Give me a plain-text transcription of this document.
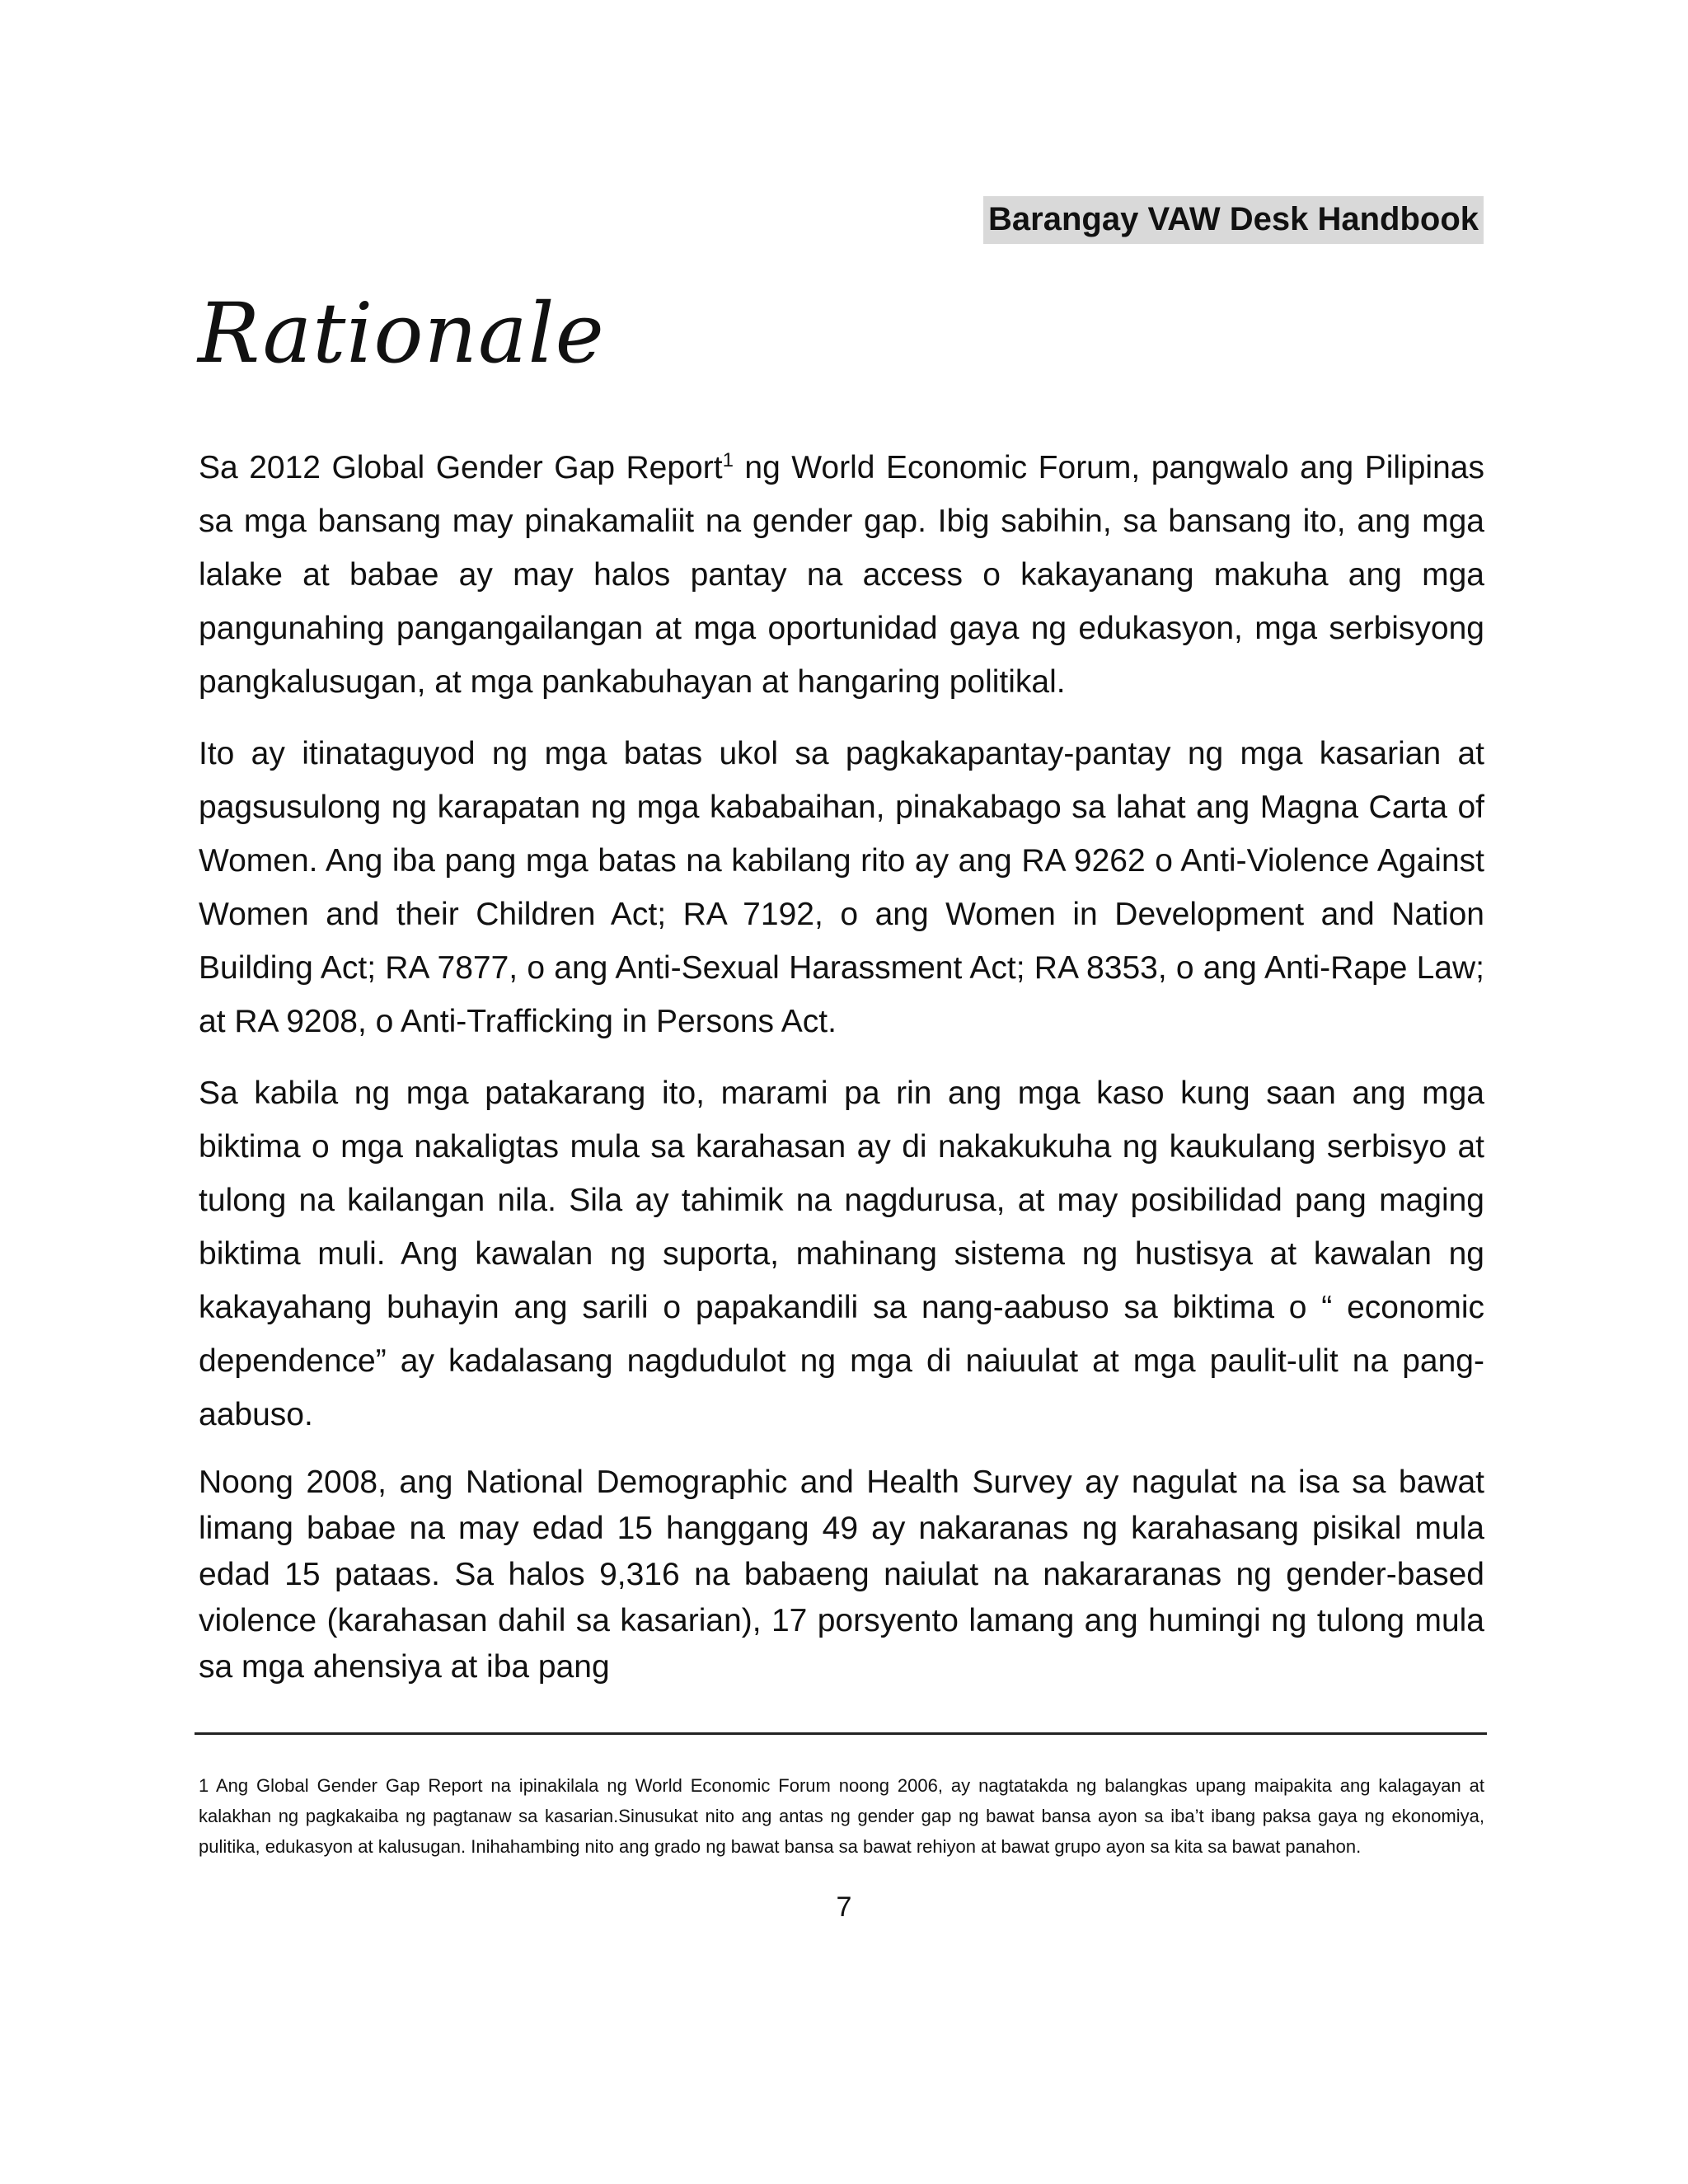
Barangay VAW Desk Handbook
Rationale

Sa 2012 Global Gender Gap Report$^1$ ng World Economic Forum, pangwalo ang Pilipinas sa mga bansang may pinakamaliit na gender gap. Ibig sabihin, sa bansang ito, ang mga lalake at babae ay may halos pantay na access o kakayanang makuha ang mga pangunahing pangangailangan at mga oportunidad gaya ng edukasyon, mga serbisyong pangkalusugan, at mga pankabuhayan at hangaring politikal.

Ito ay itinataguyod ng mga batas ukol sa pagkakapantay-pantay ng mga kasarian at pagsusulong ng karapatan ng mga kababaihan, pinakabago sa lahat ang Magna Carta of Women. Ang iba pang mga batas na kabilang rito ay ang RA 9262 o Anti-Violence Against Women and their Children Act; RA 7192, o ang Women in Development and Nation Building Act; RA 7877, o ang Anti-Sexual Harassment Act; RA 8353, o ang Anti-Rape Law; at RA 9208, o Anti-Trafficking in Persons Act.

Sa kabila ng mga patakarang ito, marami pa rin ang mga kaso kung saan ang mga biktima o mga nakaligtas mula sa karahasan ay di nakakukuha ng kaukulang serbisyo at tulong na kailangan nila. Sila ay tahimik na nagdurusa, at may posibilidad pang maging biktima muli. Ang kawalan ng suporta, mahinang sistema ng hustisya at kawalan ng kakayahang buhayin ang sarili o papakandili sa nang-aabuso sa biktima o “ economic dependence” ay kadalasang nagdudulot ng mga di naiuulat at mga paulit-ulit na pang-aabuso.

Noong 2008, ang National Demographic and Health Survey ay nagulat na isa sa bawat limang babae na may edad 15 hanggang 49 ay nakaranas ng karahasang pisikal mula edad 15 pataas. Sa halos 9,316 na babaeng naiulat na nakararanas ng gender-based violence (karahasan dahil sa kasarian), 17 porsyento lamang ang humingi ng tulong mula sa mga ahensiya at iba pang

1 Ang Global Gender Gap Report na ipinakilala ng World Economic Forum noong 2006, ay nagtatakda ng balangkas upang maipakita ang kalagayan at kalakhan ng pagkakaiba ng pagtanaw sa kasarian.Sinusukat nito ang antas ng gender gap ng bawat bansa ayon sa iba’t ibang paksa gaya ng ekonomiya, pulitika, edukasyon at kalusugan. Inihahambing nito ang grado ng bawat bansa sa bawat rehiyon at bawat grupo ayon sa kita sa bawat panahon.

7
